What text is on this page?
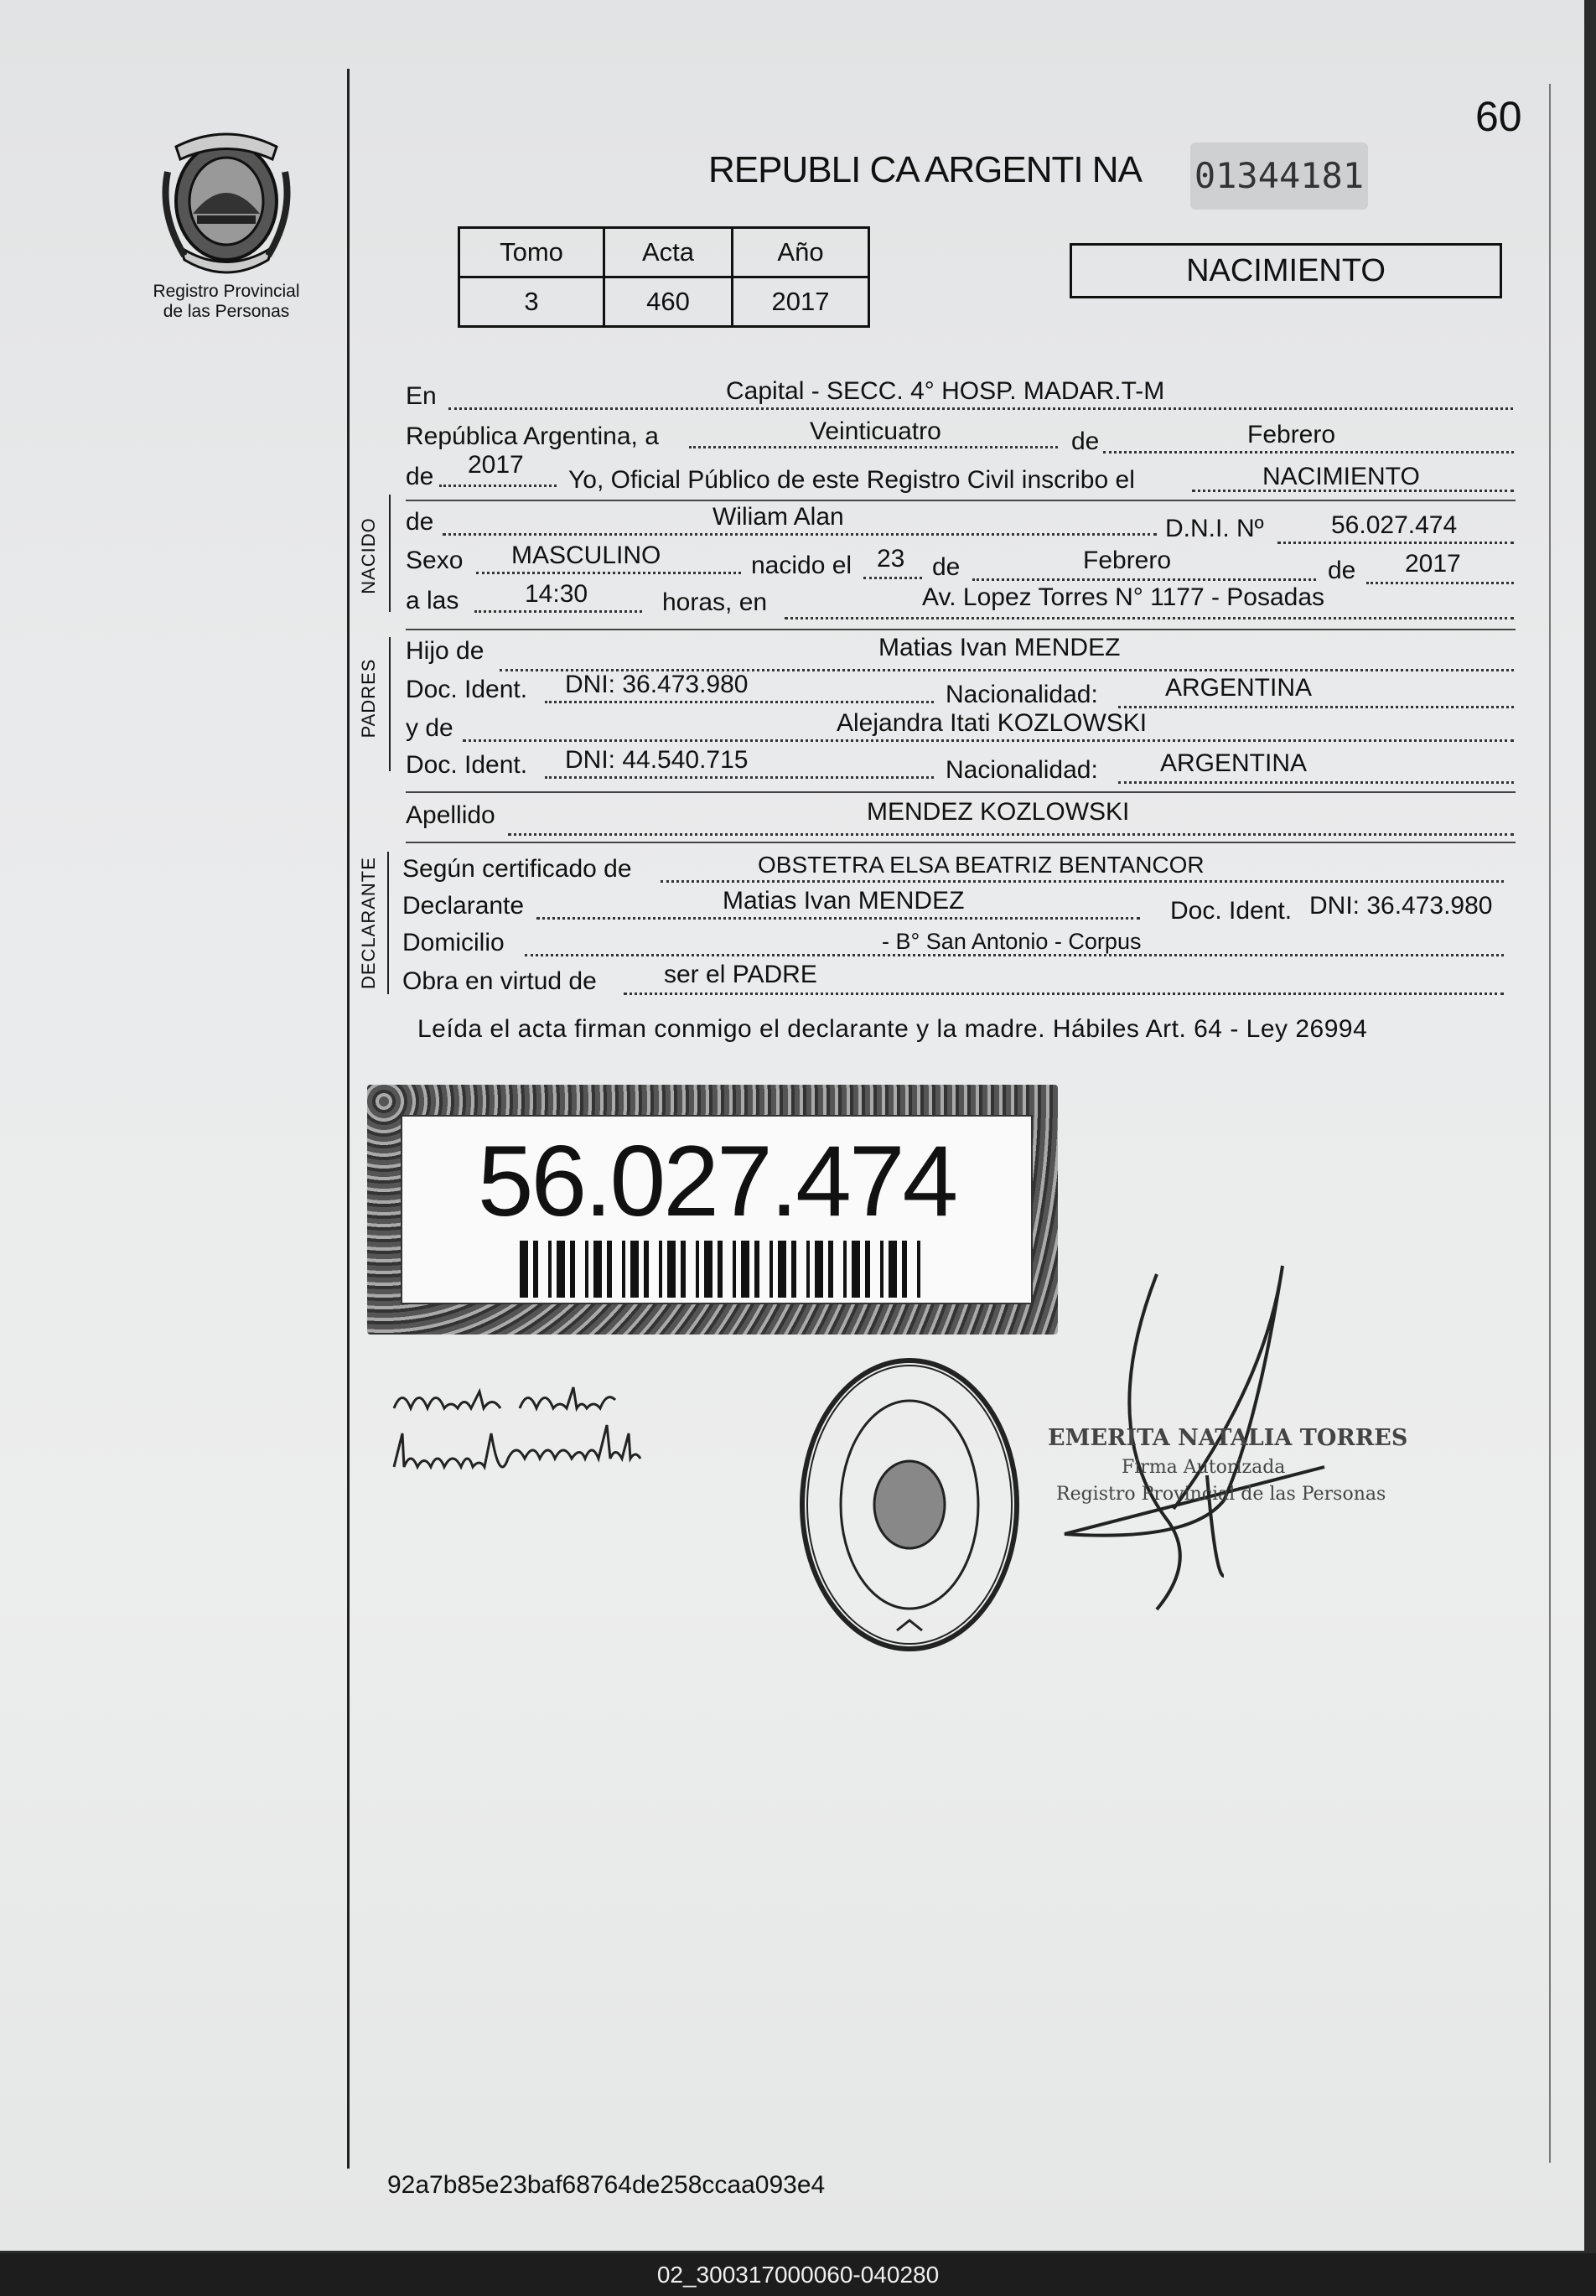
Registro Provincial
de las Personas
60
REPUBLI CA ARGENTI NA 01344181
Tomo	Acta	Año
3	460	2017
NACIMIENTO
En	Capital - SECC. 4° HOSP. MADAR.T-M
República Argentina, a	Veinticuatro	de	Febrero
de 2017
Yo, Oficial Público de este Registro Civil inscribo el	NACIMIENTO
NACIDO de	Wiliam Alan	D.N.I. Nº	56.027.474
Sexo MASCULINO	nacido el 23 de	Febrero	de 2017
a las	14:30	horas, en	Av. Lopez Torres N° 1177 - Posadas
PADRES
Hijo de	Matias Ivan MENDEZ
Doc. Ident. DNI: 36.473.980	Nacionalidad:	ARGENTINA
y de	Alejandra Itati KOZLOWSKI
Doc. Ident. DNI: 44.540.715	Nacionalidad: ARGENTINA
Apellido	MENDEZ KOZLOWSKI
DECLARANTE Según certificado de	OBSTETRA ELSA BEATRIZ BENTANCOR
Declarante	Matias Ivan MENDEZ	Doc. Ident. DNI: 36.473.980
Domicilio	- B° San Antonio - Corpus
Obra en virtud de	ser el PADRE
Leída el acta firman conmigo el declarante y la madre. Hábiles Art. 64 - Ley 26994
56.027.474
EMERITA NATALIA TORRES
Firma Autorizada
Registro Provincial de las Personas
92a7b85e23baf68764de258ccaa093e4
02_300317000060-040280
